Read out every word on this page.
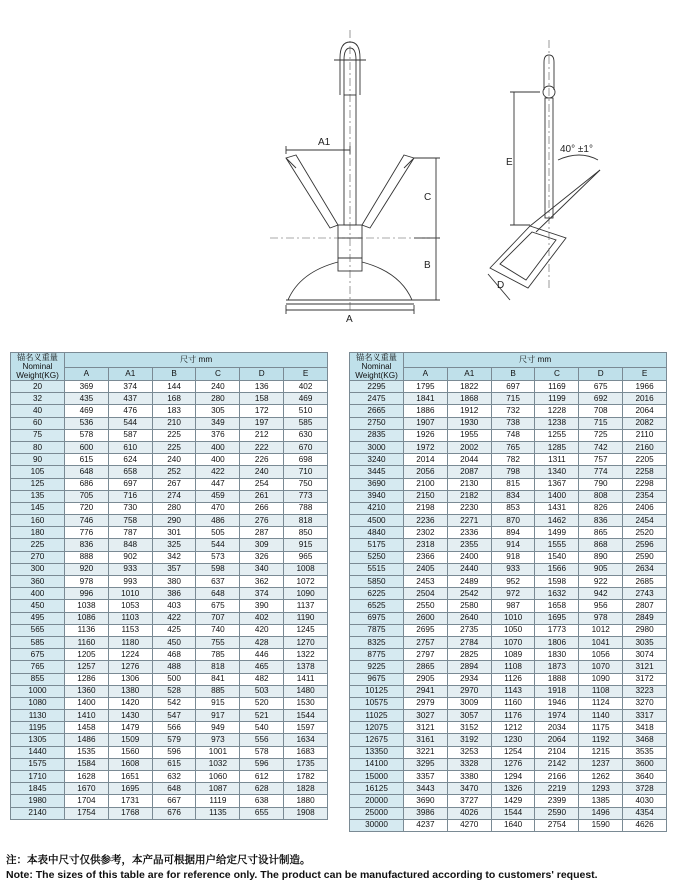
A1
A
C
B
E
D
40° ±1°
锚名义重量
Nominal
Weight(KG)	尺寸 mm					
	A	A1	B	C	D	E
20	369	374	144	240	136	402
32	435	437	168	280	158	469
40	469	476	183	305	172	510
60	536	544	210	349	197	585
75	578	587	225	376	212	630
80	600	610	225	400	222	670
90	615	624	240	400	226	698
105	648	658	252	422	240	710
125	686	697	267	447	254	750
135	705	716	274	459	261	773
145	720	730	280	470	266	788
160	746	758	290	486	276	818
180	776	787	301	505	287	850
225	836	848	325	544	309	915
270	888	902	342	573	326	965
300	920	933	357	598	340	1008
360	978	993	380	637	362	1072
400	996	1010	386	648	374	1090
450	1038	1053	403	675	390	1137
495	1086	1103	422	707	402	1190
565	1136	1153	425	740	420	1245
585	1160	1180	450	755	428	1270
675	1205	1224	468	785	446	1322
765	1257	1276	488	818	465	1378
855	1286	1306	500	841	482	1411
1000	1360	1380	528	885	503	1480
1080	1400	1420	542	915	520	1530
1130	1410	1430	547	917	521	1544
1195	1458	1479	566	949	540	1597
1305	1486	1509	579	973	556	1634
1440	1535	1560	596	1001	578	1683
1575	1584	1608	615	1032	596	1735
1710	1628	1651	632	1060	612	1782
1845	1670	1695	648	1087	628	1828
1980	1704	1731	667	1119	638	1880
2140	1754	1768	676	1135	655	1908
锚名义重量
Nominal
Weight(KG)	尺寸 mm					
	A	A1	B	C	D	E
2295	1795	1822	697	1169	675	1966
2475	1841	1868	715	1199	692	2016
2665	1886	1912	732	1228	708	2064
2750	1907	1930	738	1238	715	2082
2835	1926	1955	748	1255	725	2110
3000	1972	2002	765	1285	742	2160
3240	2014	2044	782	1311	757	2205
3445	2056	2087	798	1340	774	2258
3690	2100	2130	815	1367	790	2298
3940	2150	2182	834	1400	808	2354
4210	2198	2230	853	1431	826	2406
4500	2236	2271	870	1462	836	2454
4840	2302	2336	894	1499	865	2520
5175	2318	2355	914	1555	868	2596
5250	2366	2400	918	1540	890	2590
5515	2405	2440	933	1566	905	2634
5850	2453	2489	952	1598	922	2685
6225	2504	2542	972	1632	942	2743
6525	2550	2580	987	1658	956	2807
6975	2600	2640	1010	1695	978	2849
7875	2695	2735	1050	1773	1012	2980
8325	2757	2784	1070	1806	1041	3035
8775	2797	2825	1089	1830	1056	3074
9225	2865	2894	1108	1873	1070	3121
9675	2905	2934	1126	1888	1090	3172
10125	2941	2970	1143	1918	1108	3223
10575	2979	3009	1160	1946	1124	3270
11025	3027	3057	1176	1974	1140	3317
12075	3121	3152	1212	2034	1175	3418
12675	3161	3192	1230	2064	1192	3468
13350	3221	3253	1254	2104	1215	3535
14100	3295	3328	1276	2142	1237	3600
15000	3357	3380	1294	2166	1262	3640
16125	3443	3470	1326	2219	1293	3728
20000	3690	3727	1429	2399	1385	4030
25000	3986	4026	1544	2590	1496	4354
30000	4237	4270	1640	2754	1590	4626
注：本表中尺寸仅供参考，本产品可根据用户给定尺寸设计制造。
Note: The sizes of this table are for reference only. The product can be manufactured according to customers' request.
